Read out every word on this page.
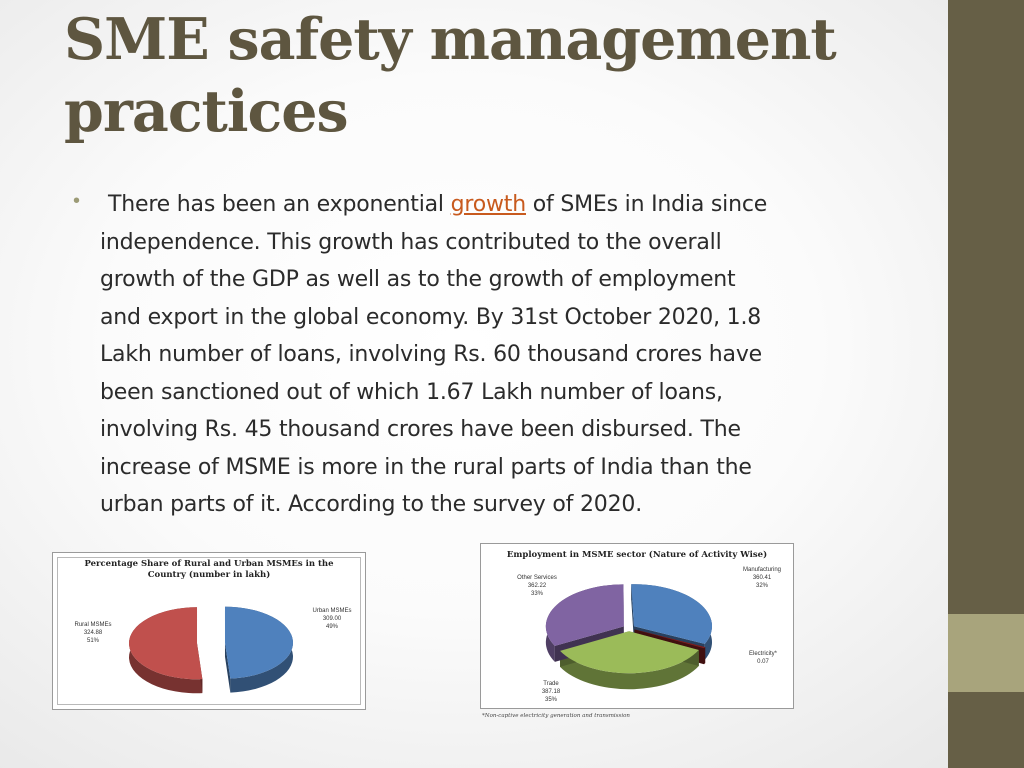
SME safety management
practices
•	There has been an exponential growth of SMEs in India since
independence. This growth has contributed to the overall
growth of the GDP as well as to the growth of employment
and export in the global economy. By 31st October 2020, 1.8
Lakh number of loans, involving Rs. 60 thousand crores have
been sanctioned out of which 1.67 Lakh number of loans,
involving Rs. 45 thousand crores have been disbursed. The
increase of MSME is more in the rural parts of India than the
urban parts of it. According to the survey of 2020.
Percentage Share of Rural and Urban MSMEs in the
Country (number in lakh)
Rural MSMEs
324.88
51%
Urban MSMEs
309.00
49%
Employment in MSME sector (Nature of Activity Wise)
Other Services
362.22
33%
Manufacturing
360.41
32%
Electricity*
0.07
Trade
387.18
35%
*Non-captive electricity generation and transmission
